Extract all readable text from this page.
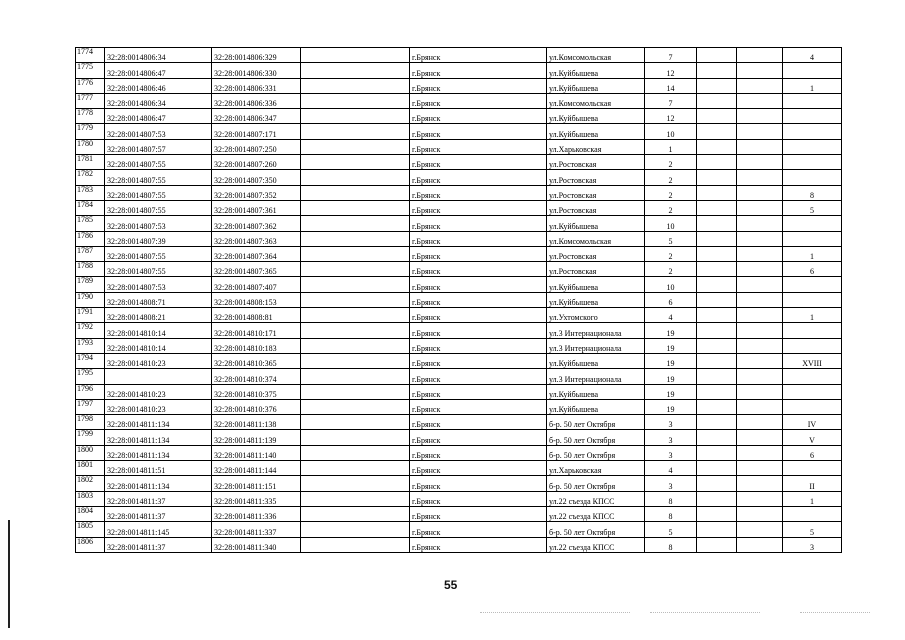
1774	32:28:0014806:34	32:28:0014806:329		г.Брянск	ул.Комсомольская	7			4
1775	32:28:0014806:47	32:28:0014806:330		г.Брянск	ул.Куйбышева	12			
1776	32:28:0014806:46	32:28:0014806:331		г.Брянск	ул.Куйбышева	14			1
1777	32:28:0014806:34	32:28:0014806:336		г.Брянск	ул.Комсомольская	7			
1778	32:28:0014806:47	32:28:0014806:347		г.Брянск	ул.Куйбышева	12			
1779	32:28:0014807:53	32:28:0014807:171		г.Брянск	ул.Куйбышева	10			
1780	32:28:0014807:57	32:28:0014807:250		г.Брянск	ул.Харьковская	1			
1781	32:28:0014807:55	32:28:0014807:260		г.Брянск	ул.Ростовская	2			
1782	32:28:0014807:55	32:28:0014807:350		г.Брянск	ул.Ростовская	2			
1783	32:28:0014807:55	32:28:0014807:352		г.Брянск	ул.Ростовская	2			8
1784	32:28:0014807:55	32:28:0014807:361		г.Брянск	ул.Ростовская	2			5
1785	32:28:0014807:53	32:28:0014807:362		г.Брянск	ул.Куйбышева	10			
1786	32:28:0014807:39	32:28:0014807:363		г.Брянск	ул.Комсомольская	5			
1787	32:28:0014807:55	32:28:0014807:364		г.Брянск	ул.Ростовская	2			1
1788	32:28:0014807:55	32:28:0014807:365		г.Брянск	ул.Ростовская	2			6
1789	32:28:0014807:53	32:28:0014807:407		г.Брянск	ул.Куйбышева	10			
1790	32:28:0014808:71	32:28:0014808:153		г.Брянск	ул.Куйбышева	6			
1791	32:28:0014808:21	32:28:0014808:81		г.Брянск	ул.Ухтомского	4			1
1792	32:28:0014810:14	32:28:0014810:171		г.Брянск	ул.3 Интернационала	19			
1793	32:28:0014810:14	32:28:0014810:183		г.Брянск	ул.3 Интернационала	19			
1794	32:28:0014810:23	32:28:0014810:365		г.Брянск	ул.Куйбышева	19			XVIII
1795		32:28:0014810:374		г.Брянск	ул.3 Интернационала	19			
1796	32:28:0014810:23	32:28:0014810:375		г.Брянск	ул.Куйбышева	19			
1797	32:28:0014810:23	32:28:0014810:376		г.Брянск	ул.Куйбышева	19			
1798	32:28:0014811:134	32:28:0014811:138		г.Брянск	б-р. 50 лет Октября	3			IV
1799	32:28:0014811:134	32:28:0014811:139		г.Брянск	б-р. 50 лет Октября	3			V
1800	32:28:0014811:134	32:28:0014811:140		г.Брянск	б-р. 50 лет Октября	3			6
1801	32:28:0014811:51	32:28:0014811:144		г.Брянск	ул.Харьковская	4			
1802	32:28:0014811:134	32:28:0014811:151		г.Брянск	б-р. 50 лет Октября	3			II
1803	32:28:0014811:37	32:28:0014811:335		г.Брянск	ул.22 съезда КПСС	8			1
1804	32:28:0014811:37	32:28:0014811:336		г.Брянск	ул.22 съезда КПСС	8			
1805	32:28:0014811:145	32:28:0014811:337		г.Брянск	б-р. 50 лет Октября	5			5
1806	32:28:0014811:37	32:28:0014811:340		г.Брянск	ул.22 съезда КПСС	8			3
55
